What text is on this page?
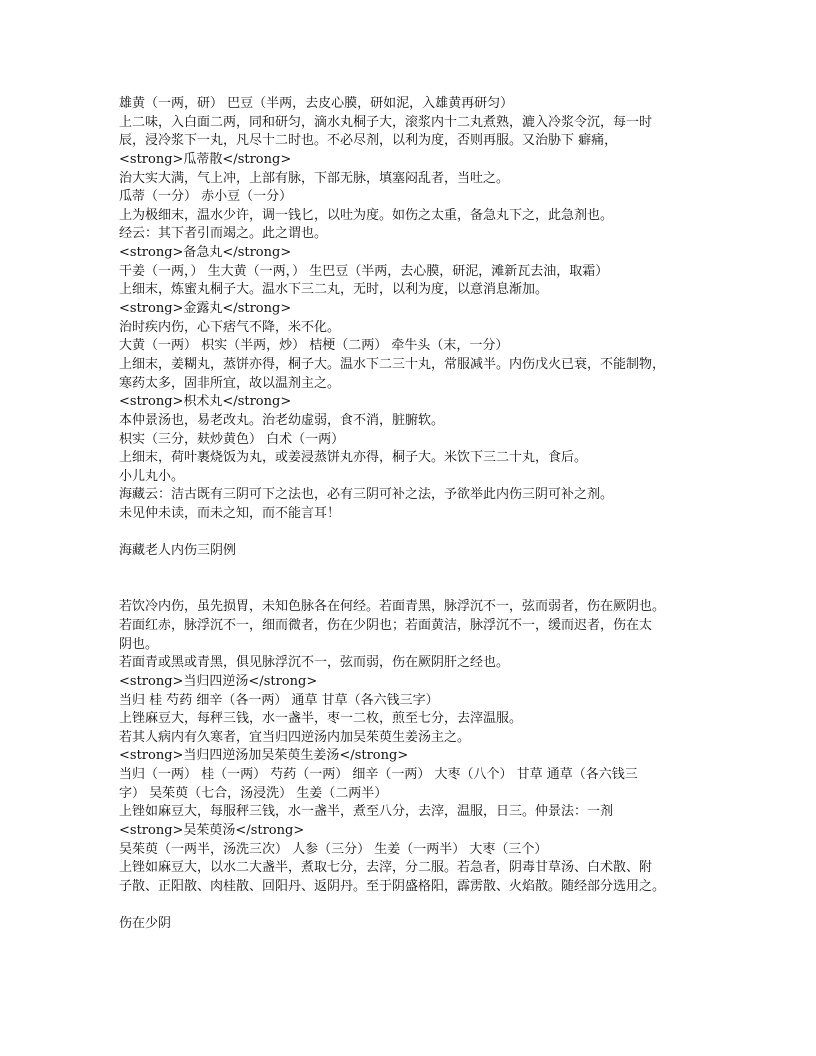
雄黄（一两，研） 巴豆（半两，去皮心膜，研如泥，入雄黄再研匀）
上二味，入白面二两，同和研匀，滴水丸桐子大，滚浆内十二丸煮熟，漉入冷浆令沉，每一时
辰，浸冷浆下一丸，凡尽十二时也。不必尽剂，以利为度，否则再服。又治胁下 癖痛，
<strong>瓜蒂散</strong>
治大实大满，气上冲，上部有脉，下部无脉，填塞闷乱者，当吐之。
瓜蒂（一分） 赤小豆（一分）
上为极细末，温水少许，调一钱匕，以吐为度。如伤之太重，备急丸下之，此急剂也。
经云：其下者引而竭之。此之谓也。
<strong>备急丸</strong>
干姜（一两，） 生大黄（一两，） 生巴豆（半两，去心膜，研泥，滩新瓦去油，取霜）
上细末，炼蜜丸桐子大。温水下三二丸，无时，以利为度，以意消息渐加。
<strong>金露丸</strong>
治时疾内伤，心下痞气不降，米不化。
大黄（一两） 枳实（半两，炒） 桔梗（二两） 牵牛头（末，一分）
上细末，姜糊丸，蒸饼亦得，桐子大。温水下二三十丸，常服减半。内伤戊火已衰，不能制物，
寒药太多，固非所宜，故以温剂主之。
<strong>枳术丸</strong>
本仲景汤也，易老改丸。治老幼虚弱，食不消，脏腑软。
枳实（三分，麸炒黄色） 白术（一两）
上细末，荷叶裹烧饭为丸，或姜浸蒸饼丸亦得，桐子大。米饮下三二十丸，食后。
小儿丸小。
海藏云：洁古既有三阴可下之法也，必有三阴可补之法，予欲举此内伤三阴可补之剂。
未见仲未读，而未之知，而不能言耳！
海藏老人内伤三阴例
若饮冷内伤，虽先损胃，未知色脉各在何经。若面青黑，脉浮沉不一，弦而弱者，伤在厥阴也。
若面红赤，脉浮沉不一，细而微者，伤在少阴也；若面黄洁，脉浮沉不一，缓而迟者，伤在太
阴也。
若面青或黑或青黑，俱见脉浮沉不一，弦而弱，伤在厥阴肝之经也。
<strong>当归四逆汤</strong>
当归 桂 芍药 细辛（各一两） 通草 甘草（各六钱三字）
上锉麻豆大，每秤三钱，水一盏半，枣一二枚，煎至七分，去滓温服。
若其人病内有久寒者，宜当归四逆汤内加吴茱萸生姜汤主之。
<strong>当归四逆汤加吴茱萸生姜汤</strong>
当归（一两） 桂（一两） 芍药（一两） 细辛（一两） 大枣（八个） 甘草 通草（各六钱三
字） 吴茱萸（七合，汤浸洗） 生姜（二两半）
上锉如麻豆大，每服秤三钱，水一盏半，煮至八分，去滓，温服，日三。仲景法：一剂
<strong>吴茱萸汤</strong>
吴茱萸（一两半，汤洗三次） 人参（三分） 生姜（一两半） 大枣（三个）
上锉如麻豆大，以水二大盏半，煮取七分，去滓，分二服。若急者，阴毒甘草汤、白术散、附
子散、正阳散、肉桂散、回阳丹、返阴丹。至于阴盛格阳，霹雳散、火焰散。随经部分选用之。
伤在少阴
